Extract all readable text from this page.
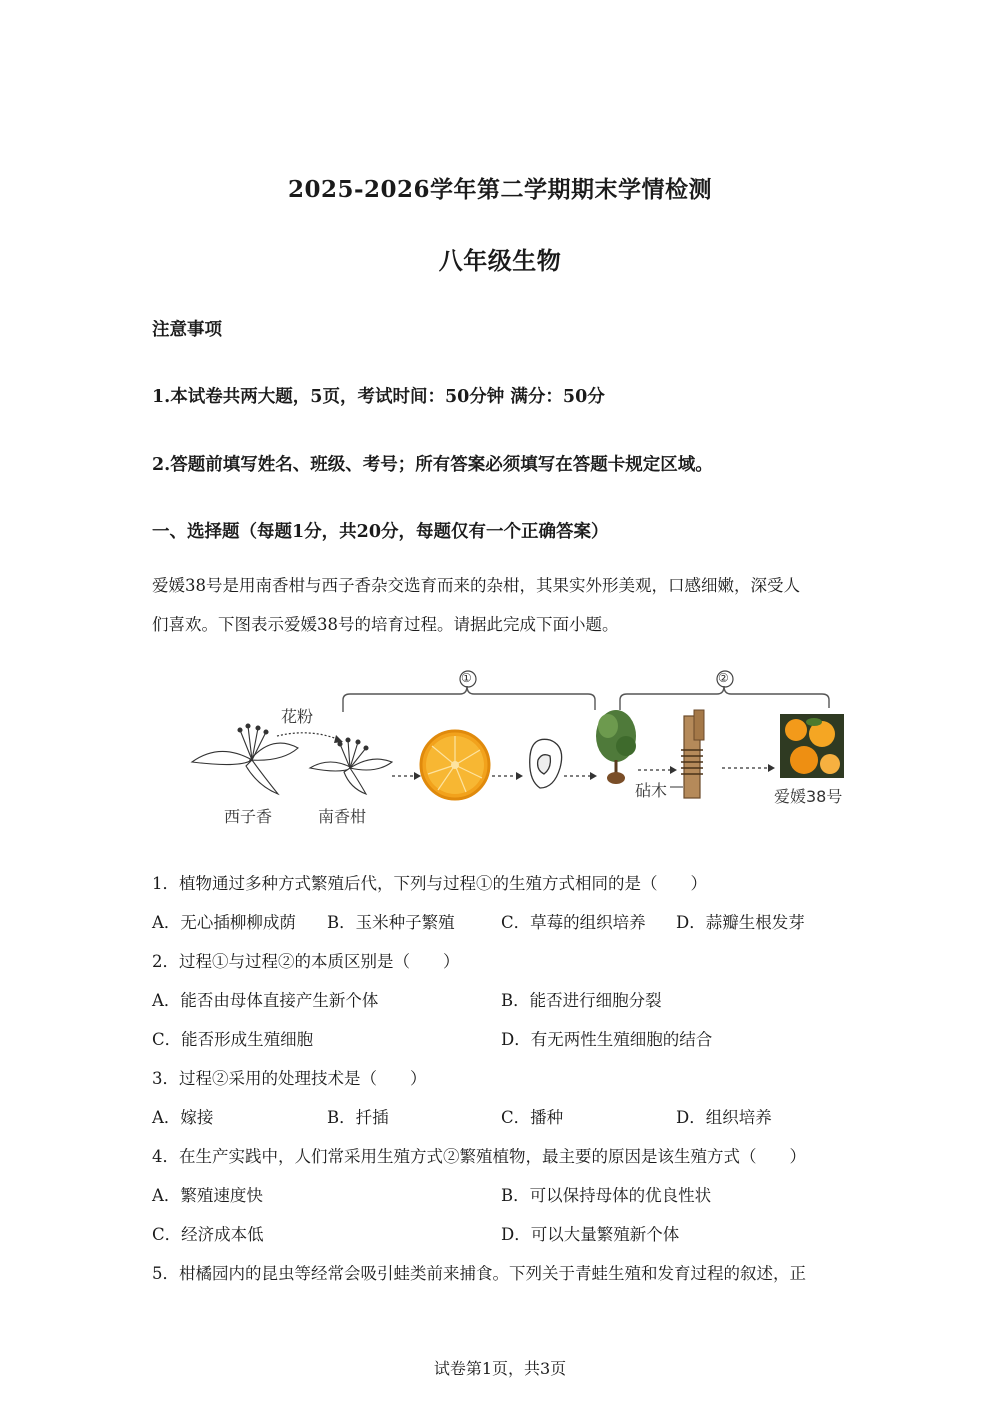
2025-2026学年第二学期期末学情检测
八年级生物
注意事项
1.本试卷共两大题，5页，考试时间：50分钟 满分：50分
2.答题前填写姓名、班级、考号；所有答案必须填写在答题卡规定区域。
一、选择题（每题1分，共20分，每题仅有一个正确答案）
爱媛38号是用南香柑与西子香杂交选育而来的杂柑，其果实外形美观，口感细嫩，深受人
们喜欢。下图表示爱媛38号的培育过程。请据此完成下面小题。
①	②
花粉
西子香	南香柑
砧木	爱媛38号
1．植物通过多种方式繁殖后代，下列与过程①的生殖方式相同的是（　　）
A．无心插柳柳成荫 B．玉米种子繁殖	C．草莓的组织培养 D．蒜瓣生根发芽
2．过程①与过程②的本质区别是（　　）
A．能否由母体直接产生新个体	B．能否进行细胞分裂
C．能否形成生殖细胞	D．有无两性生殖细胞的结合
3．过程②采用的处理技术是（　　）
A．嫁接	B．扦插	C．播种	D．组织培养
4．在生产实践中，人们常采用生殖方式②繁殖植物，最主要的原因是该生殖方式（　　）
A．繁殖速度快	B．可以保持母体的优良性状
C．经济成本低	D．可以大量繁殖新个体
5．柑橘园内的昆虫等经常会吸引蛙类前来捕食。下列关于青蛙生殖和发育过程的叙述，正
试卷第1页，共3页
